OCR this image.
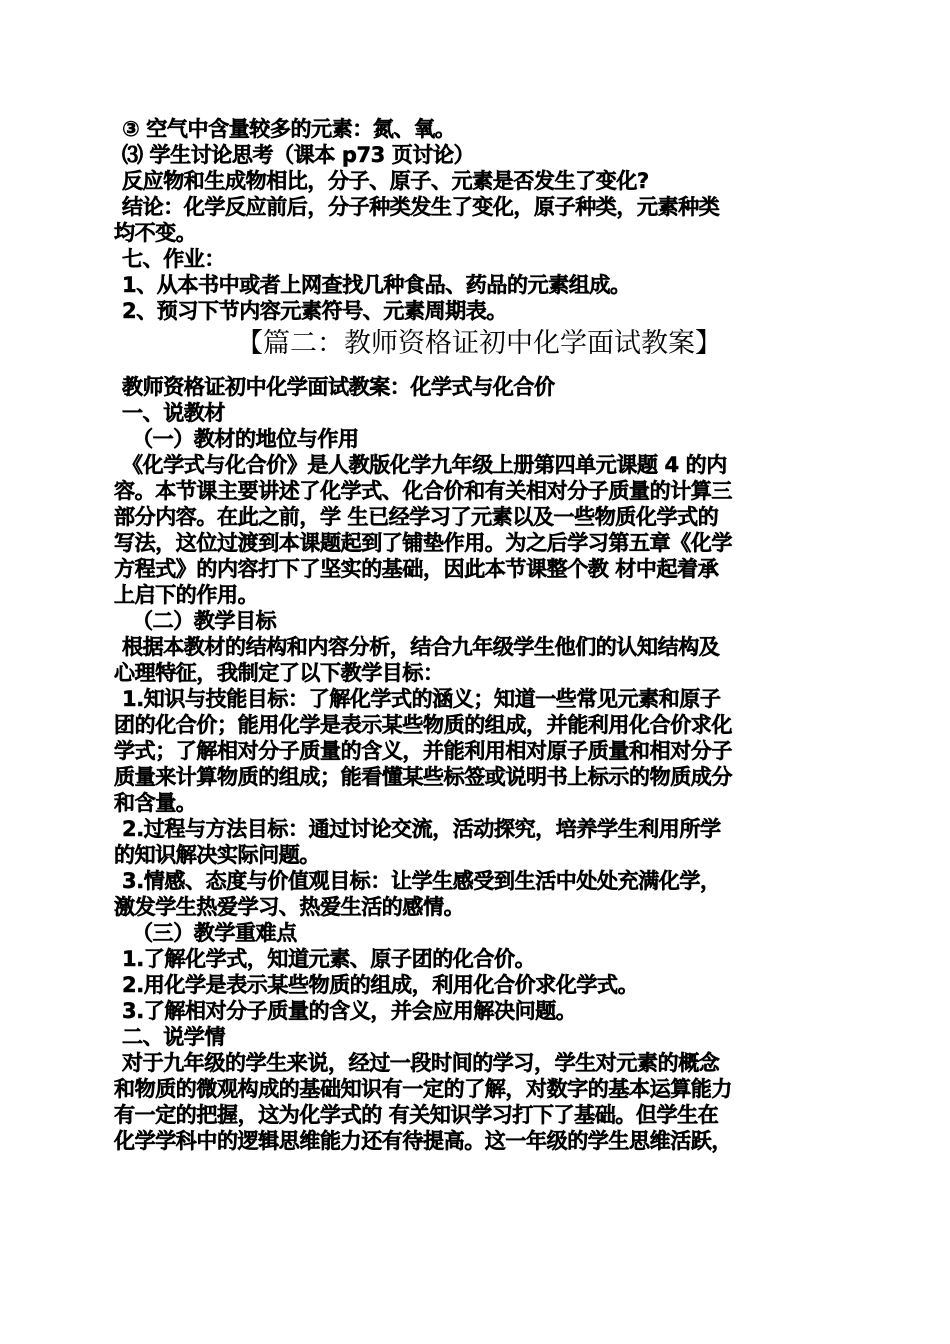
③ 空气中含量较多的元素：氮、氧。
⑶ 学生讨论思考（课本 p73 页讨论）
反应物和生成物相比，分子、原子、元素是否发生了变化?
结论：化学反应前后，分子种类发生了变化，原子种类，元素种类
均不变。
七、作业：
1、从本书中或者上网查找几种食品、药品的元素组成。
2、预习下节内容元素符号、元素周期表。
【篇二：教师资格证初中化学面试教案】
教师资格证初中化学面试教案：化学式与化合价
一、说教材
（一）教材的地位与作用
《化学式与化合价》是人教版化学九年级上册第四单元课题 4 的内
容。本节课主要讲述了化学式、化合价和有关相对分子质量的计算三
部分内容。在此之前，学 生已经学习了元素以及一些物质化学式的
写法，这位过渡到本课题起到了铺垫作用。为之后学习第五章《化学
方程式》的内容打下了坚实的基础，因此本节课整个教 材中起着承
上启下的作用。
（二）教学目标
根据本教材的结构和内容分析，结合九年级学生他们的认知结构及
心理特征，我制定了以下教学目标：
1.知识与技能目标：了解化学式的涵义；知道一些常见元素和原子
团的化合价；能用化学是表示某些物质的组成，并能利用化合价求化
学式；了解相对分子质量的含义，并能利用相对原子质量和相对分子
质量来计算物质的组成；能看懂某些标签或说明书上标示的物质成分
和含量。
2.过程与方法目标：通过讨论交流，活动探究，培养学生利用所学
的知识解决实际问题。
3.情感、态度与价值观目标：让学生感受到生活中处处充满化学，
激发学生热爱学习、热爱生活的感情。
（三）教学重难点
1.了解化学式，知道元素、原子团的化合价。
2.用化学是表示某些物质的组成，利用化合价求化学式。
3.了解相对分子质量的含义，并会应用解决问题。
二、说学情
对于九年级的学生来说，经过一段时间的学习，学生对元素的概念
和物质的微观构成的基础知识有一定的了解，对数字的基本运算能力
有一定的把握，这为化学式的 有关知识学习打下了基础。但学生在
化学学科中的逻辑思维能力还有待提高。这一年级的学生思维活跃，
